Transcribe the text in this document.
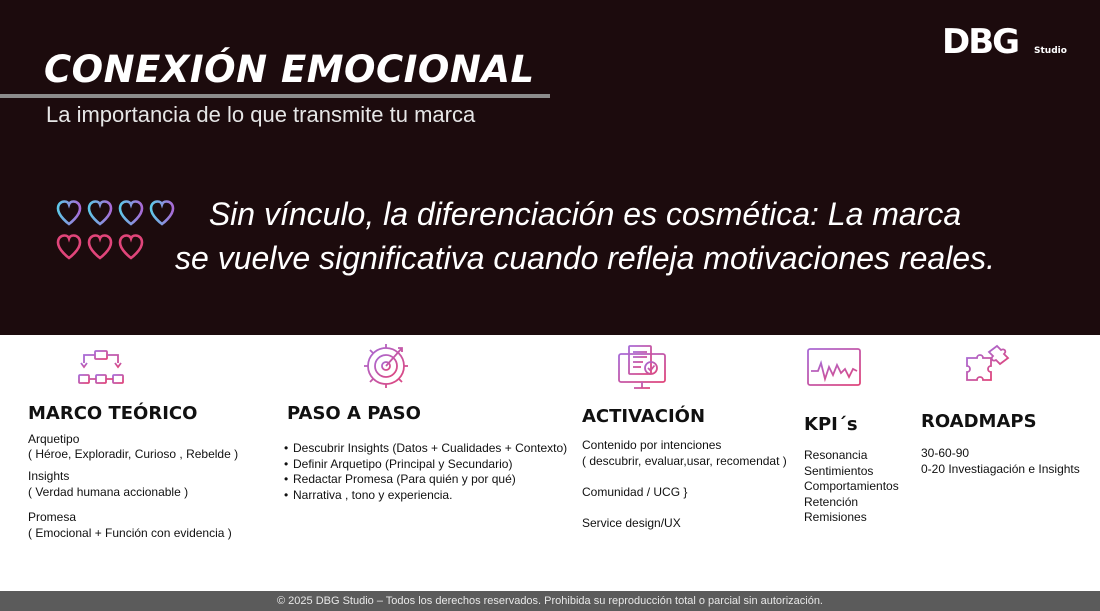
CONEXIÓN EMOCIONAL
La importancia de lo que transmite tu marca
DBG Studio
Sin vínculo, la diferenciación es cosmética: La marca
se vuelve significativa cuando refleja motivaciones reales.
MARCO TEÓRICO
Arquetipo
( Héroe, Exploradir, Curioso , Rebelde )
Insights
( Verdad humana accionable )
Promesa
( Emocional + Función con evidencia )
PASO A PASO
• Descubrir Insights (Datos + Cualidades + Contexto)
• Definir Arquetipo (Principal y Secundario)
• Redactar Promesa (Para quién y por qué)
• Narrativa , tono y experiencia.
ACTIVACIÓN
Contenido por intenciones
( descubrir, evaluar,usar, recomendat )
Comunidad / UCG }
Service design/UX
KPI´s
Resonancia
Sentimientos
Comportamientos
Retención
Remisiones
ROADMAPS
30-60-90
0-20 Investiagación e Insights
© 2025 DBG Studio – Todos los derechos reservados. Prohibida su reproducción total o parcial sin autorización.
